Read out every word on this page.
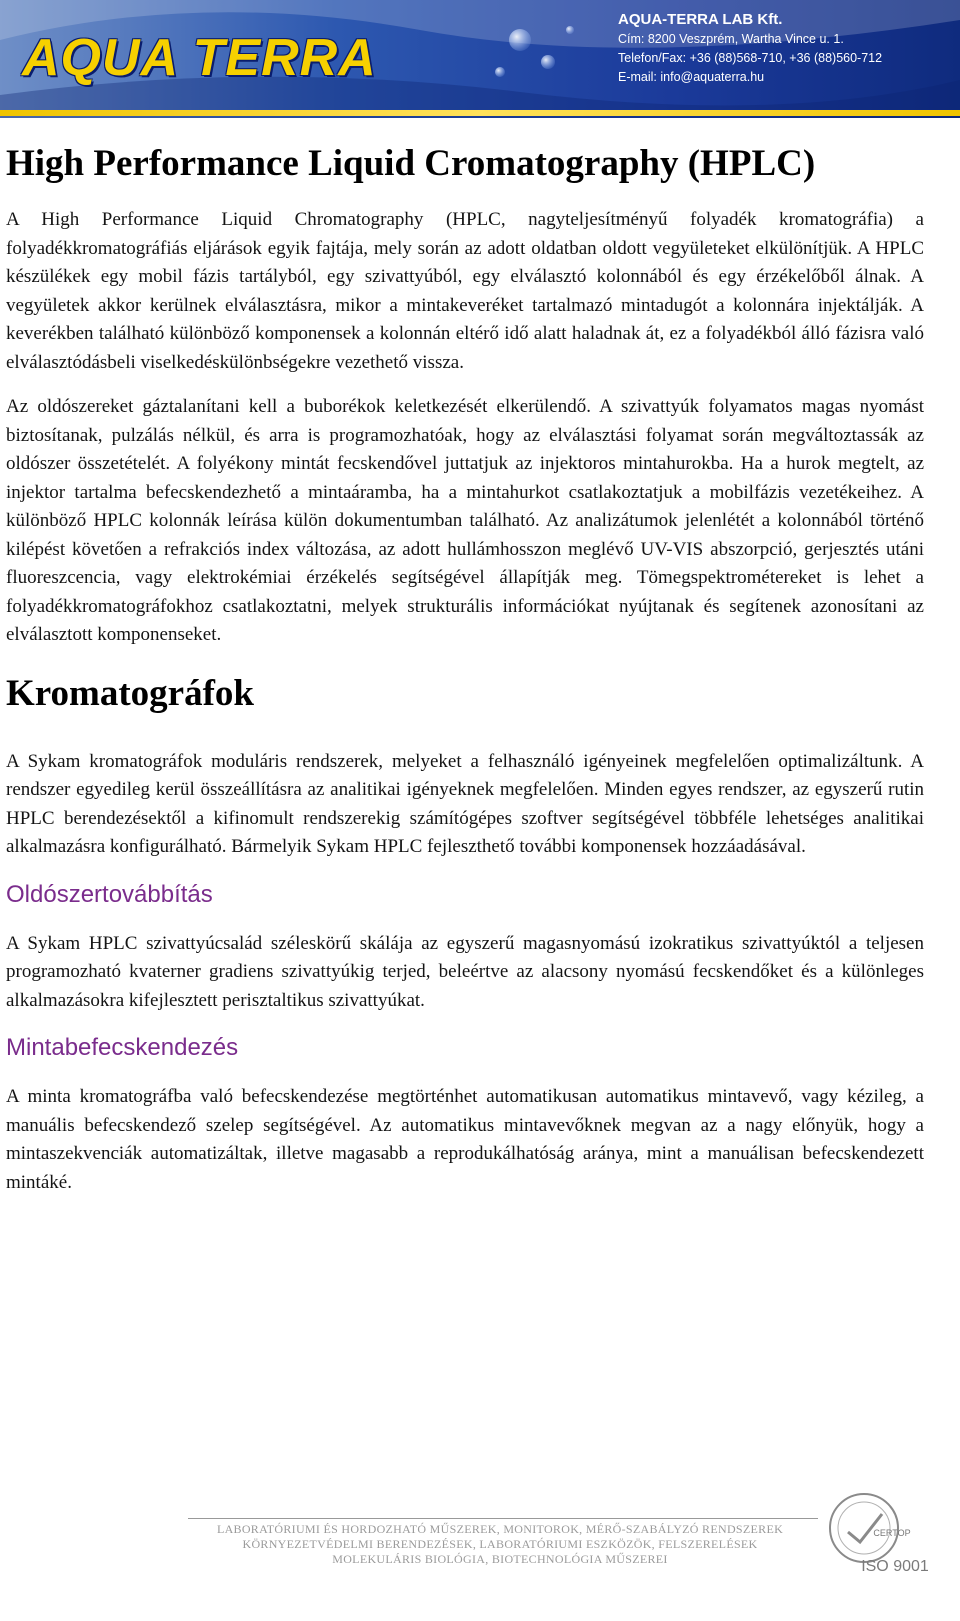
AQUA TERRA
AQUA-TERRA LAB Kft.
Cím: 8200 Veszprém, Wartha Vince u. 1.
Telefon/Fax: +36 (88)568-710, +36 (88)560-712
E-mail: info@aquaterra.hu
High Performance Liquid Cromatography (HPLC)

A High Performance Liquid Chromatography (HPLC, nagyteljesítményű folyadék kromatográfia) a folyadékkromatográfiás eljárások egyik fajtája, mely során az adott oldatban oldott vegyületeket elkülönítjük. A HPLC készülékek egy mobil fázis tartályból, egy szivattyúból, egy elválasztó kolonnából és egy érzékelőből álnak. A vegyületek akkor kerülnek elválasztásra, mikor a mintakeveréket tartalmazó mintadugót a kolonnára injektálják. A keverékben található különböző komponensek a kolonnán eltérő idő alatt haladnak át, ez a folyadékból álló fázisra való elválasztódásbeli viselkedéskülönbségekre vezethető vissza.

Az oldószereket gáztalanítani kell a buborékok keletkezését elkerülendő. A szivattyúk folyamatos magas nyomást biztosítanak, pulzálás nélkül, és arra is programozhatóak, hogy az elválasztási folyamat során megváltoztassák az oldószer összetételét. A folyékony mintát fecskendővel juttatjuk az injektoros mintahurokba. Ha a hurok megtelt, az injektor tartalma befecskendezhető a mintaáramba, ha a mintahurkot csatlakoztatjuk a mobilfázis vezetékeihez. A különböző HPLC kolonnák leírása külön dokumentumban található. Az analizátumok jelenlétét a kolonnából történő kilépést követően a refrakciós index változása, az adott hullámhosszon meglévő UV-VIS abszorpció, gerjesztés utáni fluoreszcencia, vagy elektrokémiai érzékelés segítségével állapítják meg. Tömegspektrométereket is lehet a folyadékkromatográfokhoz csatlakoztatni, melyek strukturális információkat nyújtanak és segítenek azonosítani az elválasztott komponenseket.

Kromatográfok

A Sykam kromatográfok moduláris rendszerek, melyeket a felhasználó igényeinek megfelelően optimalizáltunk. A rendszer egyedileg kerül összeállításra az analitikai igényeknek megfelelően. Minden egyes rendszer, az egyszerű rutin HPLC berendezésektől a kifinomult rendszerekig számítógépes szoftver segítségével többféle lehetséges analitikai alkalmazásra konfigurálható. Bármelyik Sykam HPLC fejleszthető további komponensek hozzáadásával.

Oldószertovábbítás

A Sykam HPLC szivattyúcsalád széleskörű skálája az egyszerű magasnyomású izokratikus szivattyúktól a teljesen programozható kvaterner gradiens szivattyúkig terjed, beleértve az alacsony nyomású fecskendőket és a különleges alkalmazásokra kifejlesztett perisztaltikus szivattyúkat.

Mintabefecskendezés

A minta kromatográfba való befecskendezése megtörténhet automatikusan automatikus mintavevő, vagy kézileg, a manuális befecskendező szelep segítségével. Az automatikus mintavevőknek megvan az a nagy előnyük, hogy a mintaszekvenciák automatizáltak, illetve magasabb a reprodukálhatóság aránya, mint a manuálisan befecskendezett mintáké.

LABORATÓRIUMI ÉS HORDOZHATÓ MŰSZEREK, MONITOROK, MÉRŐ-SZABÁLYZÓ RENDSZEREK
KÖRNYEZETVÉDELMI BERENDEZÉSEK, LABORATÓRIUMI ESZKÖZÖK, FELSZERELÉSEK
MOLEKULÁRIS BIOLÓGIA, BIOTECHNOLÓGIA MŰSZEREI
CERTOP
ISO 9001
